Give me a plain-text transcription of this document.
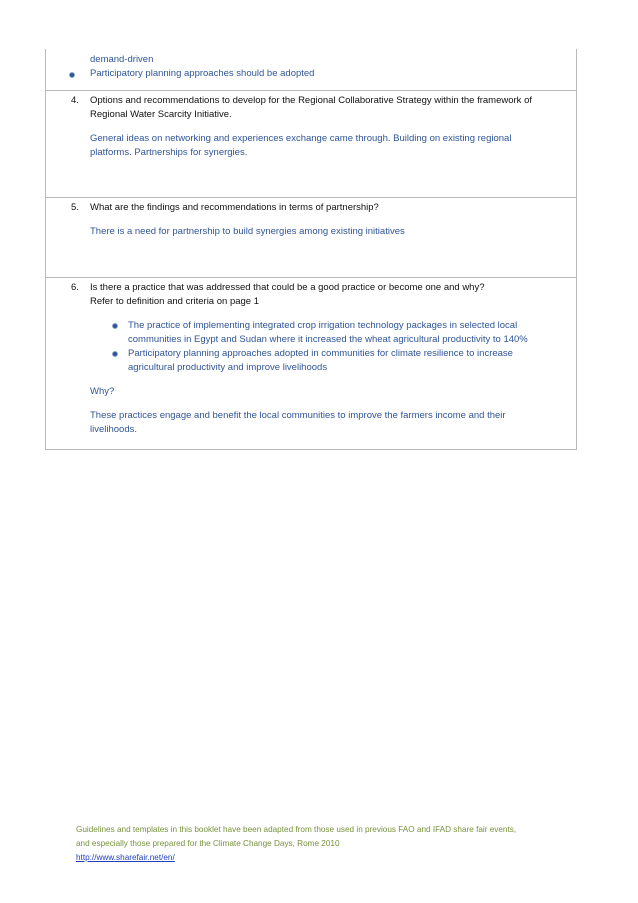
demand-driven
Participatory planning approaches should be adopted
4. Options and recommendations to develop for the Regional Collaborative Strategy within the framework of
Regional Water Scarcity Initiative.
General ideas on networking and experiences exchange came through. Building on existing regional
platforms. Partnerships for synergies.
5. What are the findings and recommendations in terms of partnership?
There is a need for partnership to build synergies among existing initiatives
6. Is there a practice that was addressed that could be a good practice or become one and why?
Refer to definition and criteria on page 1
The practice of implementing integrated crop irrigation technology packages in selected local
communities in Egypt and Sudan where it increased the wheat agricultural productivity to 140%
Participatory planning approaches adopted in communities for climate resilience to increase
agricultural productivity and improve livelihoods
Why?
These practices engage and benefit the local communities to improve the farmers income and their
livelihoods.
Guidelines and templates in this booklet have been adapted from those used in previous FAO and IFAD share fair events,
and especially those prepared for the Climate Change Days, Rome 2010
http://www.sharefair.net/en/
